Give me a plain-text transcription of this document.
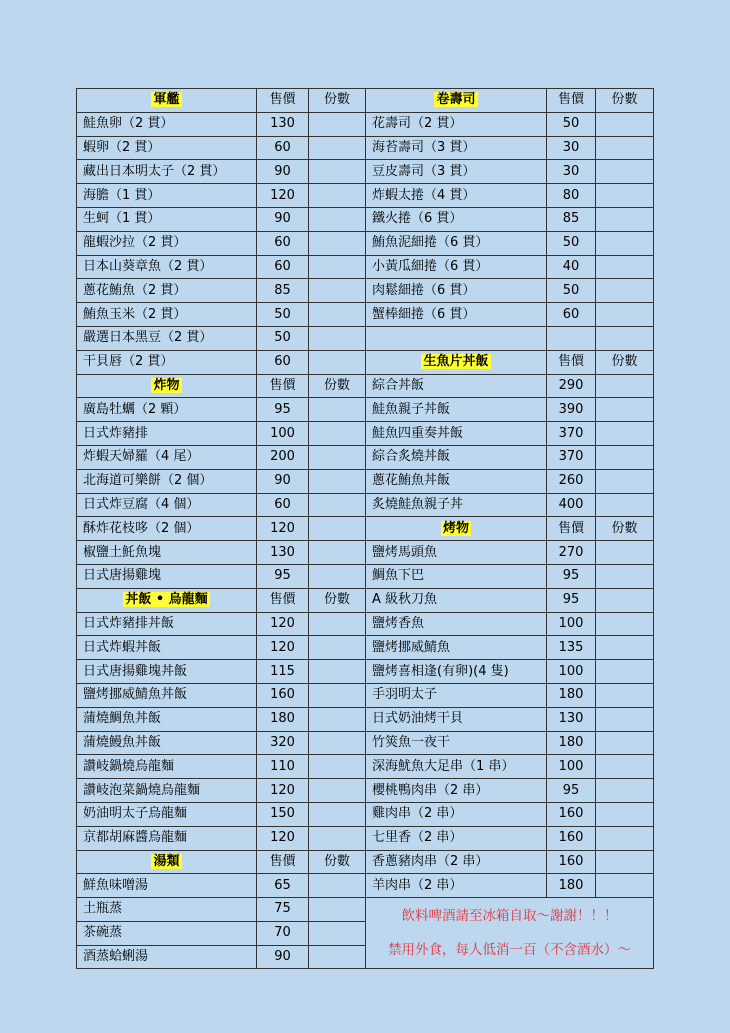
軍艦	售價	份數	卷壽司	售價	份數
鮭魚卵（2 貫）	130		花壽司（2 貫）	50	
蝦卵（2 貫）	60		海苔壽司（3 貫）	30	
藏出日本明太子（2 貫）	90		豆皮壽司（3 貫）	30	
海膽（1 貫）	120		炸蝦太捲（4 貫）	80	
生蚵（1 貫）	90		鐵火捲（6 貫）	85	
龍蝦沙拉（2 貫）	60		鮪魚泥細捲（6 貫）	50	
日本山葵章魚（2 貫）	60		小黃瓜細捲（6 貫）	40	
蔥花鮪魚（2 貫）	85		肉鬆細捲（6 貫）	50	
鮪魚玉米（2 貫）	50		蟹棒細捲（6 貫）	60	
嚴選日本黑豆（2 貫）	50				
干貝唇（2 貫）	60		生魚片丼飯	售價	份數
炸物	售價	份數	綜合丼飯	290	
廣島牡蠣（2 顆）	95		鮭魚親子丼飯	390	
日式炸豬排	100		鮭魚四重奏丼飯	370	
炸蝦天婦羅（4 尾）	200		綜合炙燒丼飯	370	
北海道可樂餅（2 個）	90		蔥花鮪魚丼飯	260	
日式炸豆腐（4 個）	60		炙燒鮭魚親子丼	400	
酥炸花枝哆（2 個）	120		烤物	售價	份數
椒鹽土魠魚塊	130		鹽烤馬頭魚	270	
日式唐揚雞塊	95		鯛魚下巴	95	
丼飯 • 烏龍麵	售價	份數	A 級秋刀魚	95	
日式炸豬排丼飯	120		鹽烤香魚	100	
日式炸蝦丼飯	120		鹽烤挪威鯖魚	135	
日式唐揚雞塊丼飯	115		鹽烤喜相逢(有卵)(4 隻)	100	
鹽烤挪威鯖魚丼飯	160		手羽明太子	180	
蒲燒鯛魚丼飯	180		日式奶油烤干貝	130	
蒲燒鰻魚丼飯	320		竹筴魚一夜干	180	
讚岐鍋燒烏龍麵	110		深海魷魚大足串（1 串）	100	
讚岐泡菜鍋燒烏龍麵	120		櫻桃鴨肉串（2 串）	95	
奶油明太子烏龍麵	150		雞肉串（2 串）	160	
京都胡麻醬烏龍麵	120		七里香（2 串）	160	
湯類	售價	份數	香蔥豬肉串（2 串）	160	
鮮魚味噌湯	65		羊肉串（2 串）	180	
土瓶蒸	75		飲料啤酒請至冰箱自取～謝謝！！！
禁用外食，每人低消一百（不含酒水）～		

茶碗蒸	70				
酒蒸蛤蜊湯	90				
